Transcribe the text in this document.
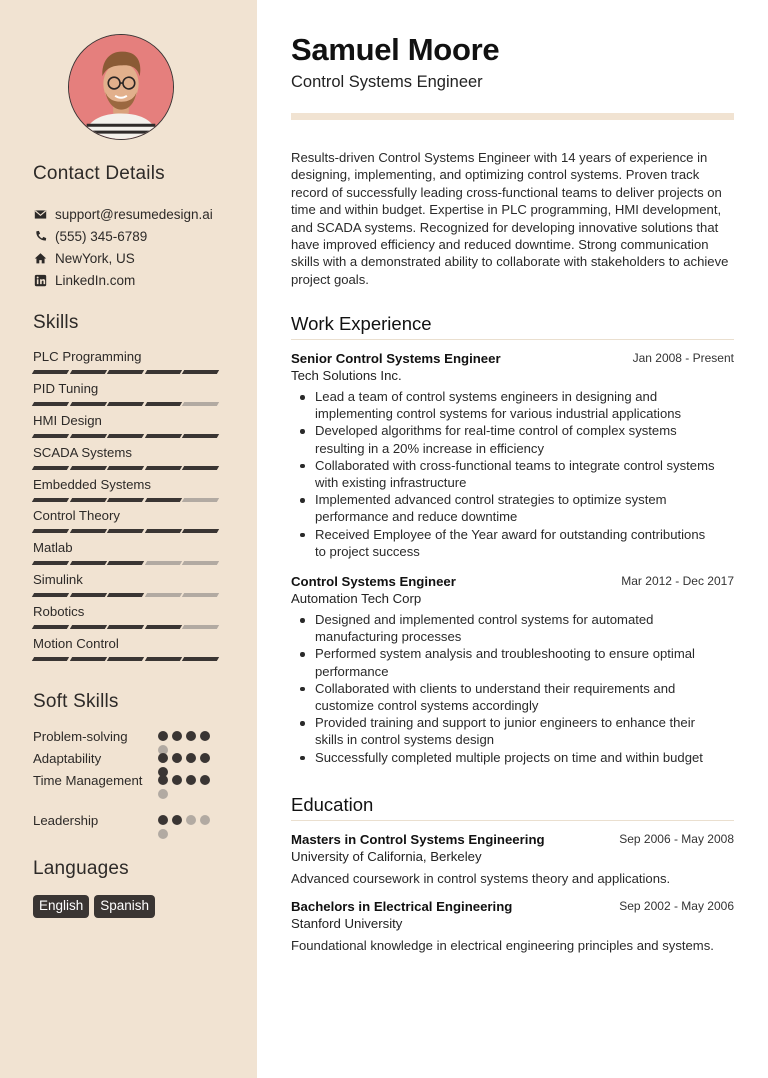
Contact Details
support@resumedesign.ai
(555) 345-6789
NewYork, US
LinkedIn.com
Skills
PLC Programming
PID Tuning
HMI Design
SCADA Systems
Embedded Systems
Control Theory
Matlab
Simulink
Robotics
Motion Control
Soft Skills
Problem-solving
Adaptability
Time Management
Leadership
Languages
English	Spanish
Samuel Moore
Control Systems Engineer
Results-driven Control Systems Engineer with 14 years of experience in designing, implementing, and optimizing control systems. Proven track record of successfully leading cross-functional teams to deliver projects on time and within budget. Expertise in PLC programming, HMI development, and SCADA systems. Recognized for developing innovative solutions that have improved efficiency and reduced downtime. Strong communication skills with a demonstrated ability to collaborate with stakeholders to achieve project goals.
Work Experience
Senior Control Systems Engineer	Jan 2008 - Present
Tech Solutions Inc.
Lead a team of control systems engineers in designing and implementing control systems for various industrial applications
Developed algorithms for real-time control of complex systems resulting in a 20% increase in efficiency
Collaborated with cross-functional teams to integrate control systems with existing infrastructure
Implemented advanced control strategies to optimize system performance and reduce downtime
Received Employee of the Year award for outstanding contributions to project success
Control Systems Engineer	Mar 2012 - Dec 2017
Automation Tech Corp
Designed and implemented control systems for automated manufacturing processes
Performed system analysis and troubleshooting to ensure optimal performance
Collaborated with clients to understand their requirements and customize control systems accordingly
Provided training and support to junior engineers to enhance their skills in control systems design
Successfully completed multiple projects on time and within budget
Education
Masters in Control Systems Engineering	Sep 2006 - May 2008
University of California, Berkeley
Advanced coursework in control systems theory and applications.
Bachelors in Electrical Engineering	Sep 2002 - May 2006
Stanford University
Foundational knowledge in electrical engineering principles and systems.
